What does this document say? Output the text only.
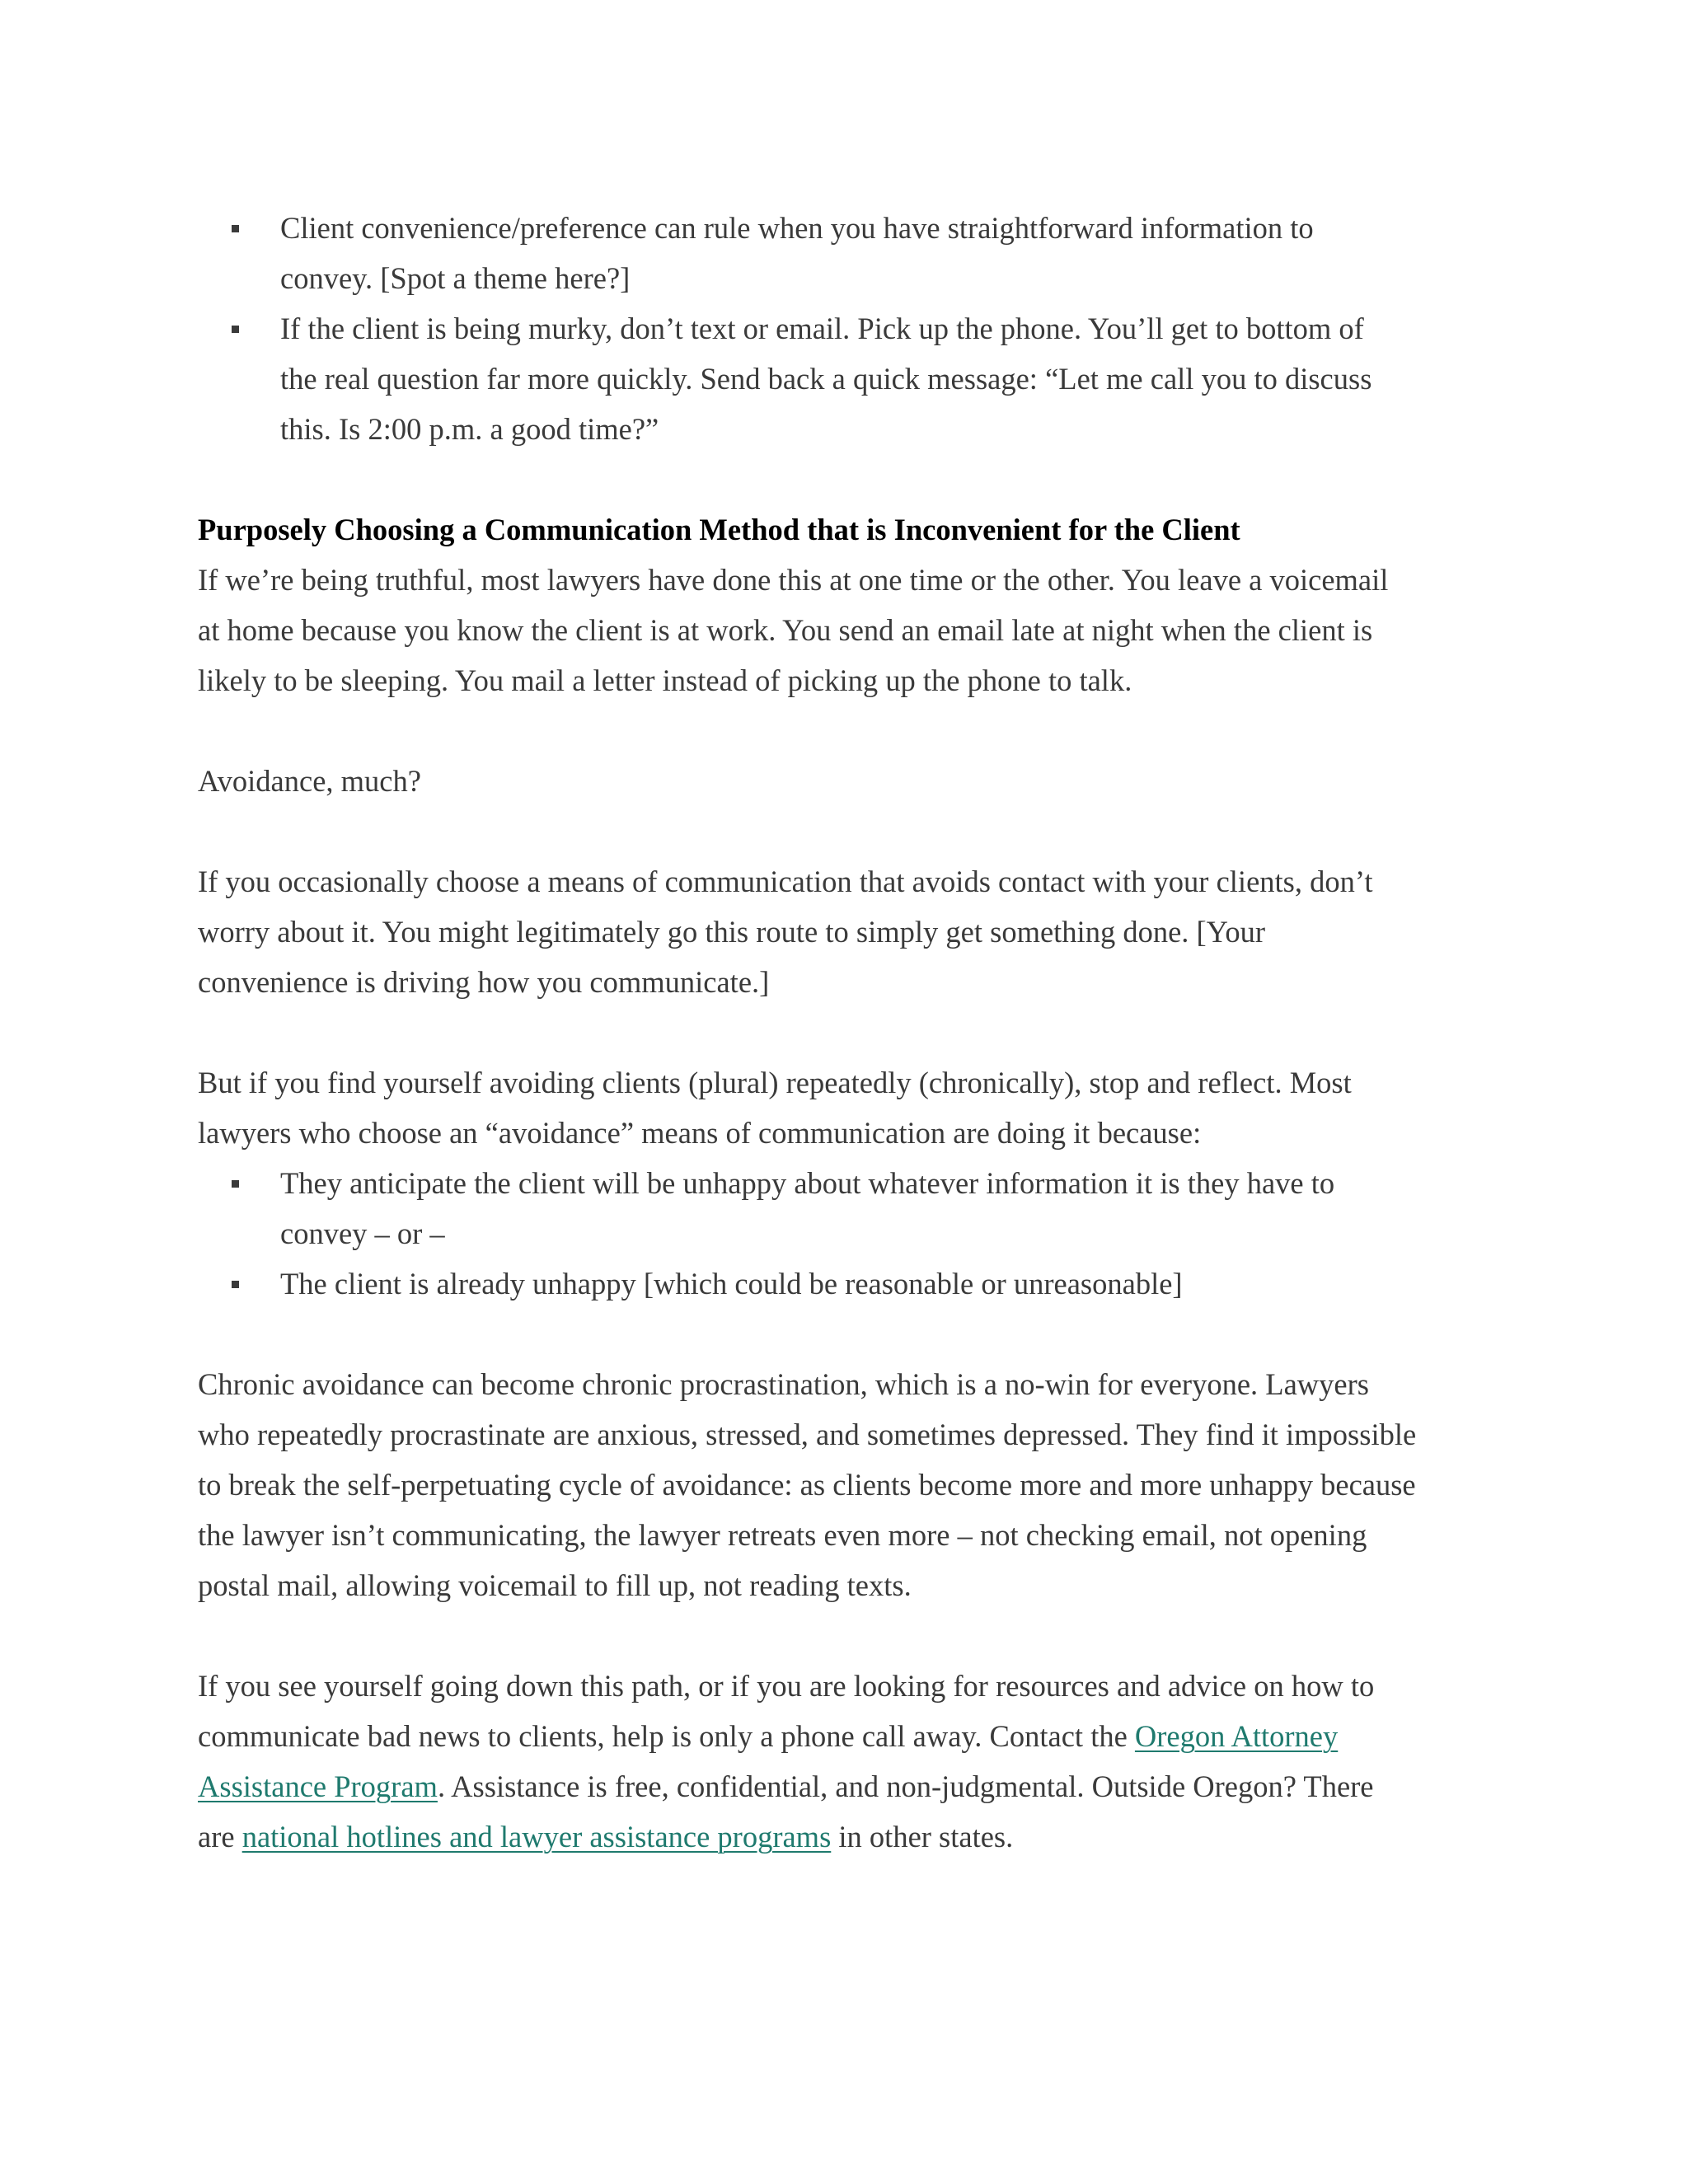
Client convenience/preference can rule when you have straightforward information to
convey. [Spot a theme here?]
If the client is being murky, don’t text or email. Pick up the phone. You’ll get to bottom of
the real question far more quickly. Send back a quick message: “Let me call you to discuss
this. Is 2:00 p.m. a good time?”

Purposely Choosing a Communication Method that is Inconvenient for the Client

If we’re being truthful, most lawyers have done this at one time or the other. You leave a voicemail
at home because you know the client is at work. You send an email late at night when the client is
likely to be sleeping. You mail a letter instead of picking up the phone to talk.

Avoidance, much?

If you occasionally choose a means of communication that avoids contact with your clients, don’t
worry about it. You might legitimately go this route to simply get something done. [Your
convenience is driving how you communicate.]

But if you find yourself avoiding clients (plural) repeatedly (chronically), stop and reflect. Most
lawyers who choose an “avoidance” means of communication are doing it because:

They anticipate the client will be unhappy about whatever information it is they have to
convey – or –
The client is already unhappy [which could be reasonable or unreasonable]

Chronic avoidance can become chronic procrastination, which is a no-win for everyone. Lawyers
who repeatedly procrastinate are anxious, stressed, and sometimes depressed. They find it impossible
to break the self-perpetuating cycle of avoidance: as clients become more and more unhappy because
the lawyer isn’t communicating, the lawyer retreats even more – not checking email, not opening
postal mail, allowing voicemail to fill up, not reading texts.

If you see yourself going down this path, or if you are looking for resources and advice on how to
communicate bad news to clients, help is only a phone call away. Contact the Oregon Attorney
Assistance Program. Assistance is free, confidential, and non-judgmental. Outside Oregon? There
are national hotlines and lawyer assistance programs in other states.
